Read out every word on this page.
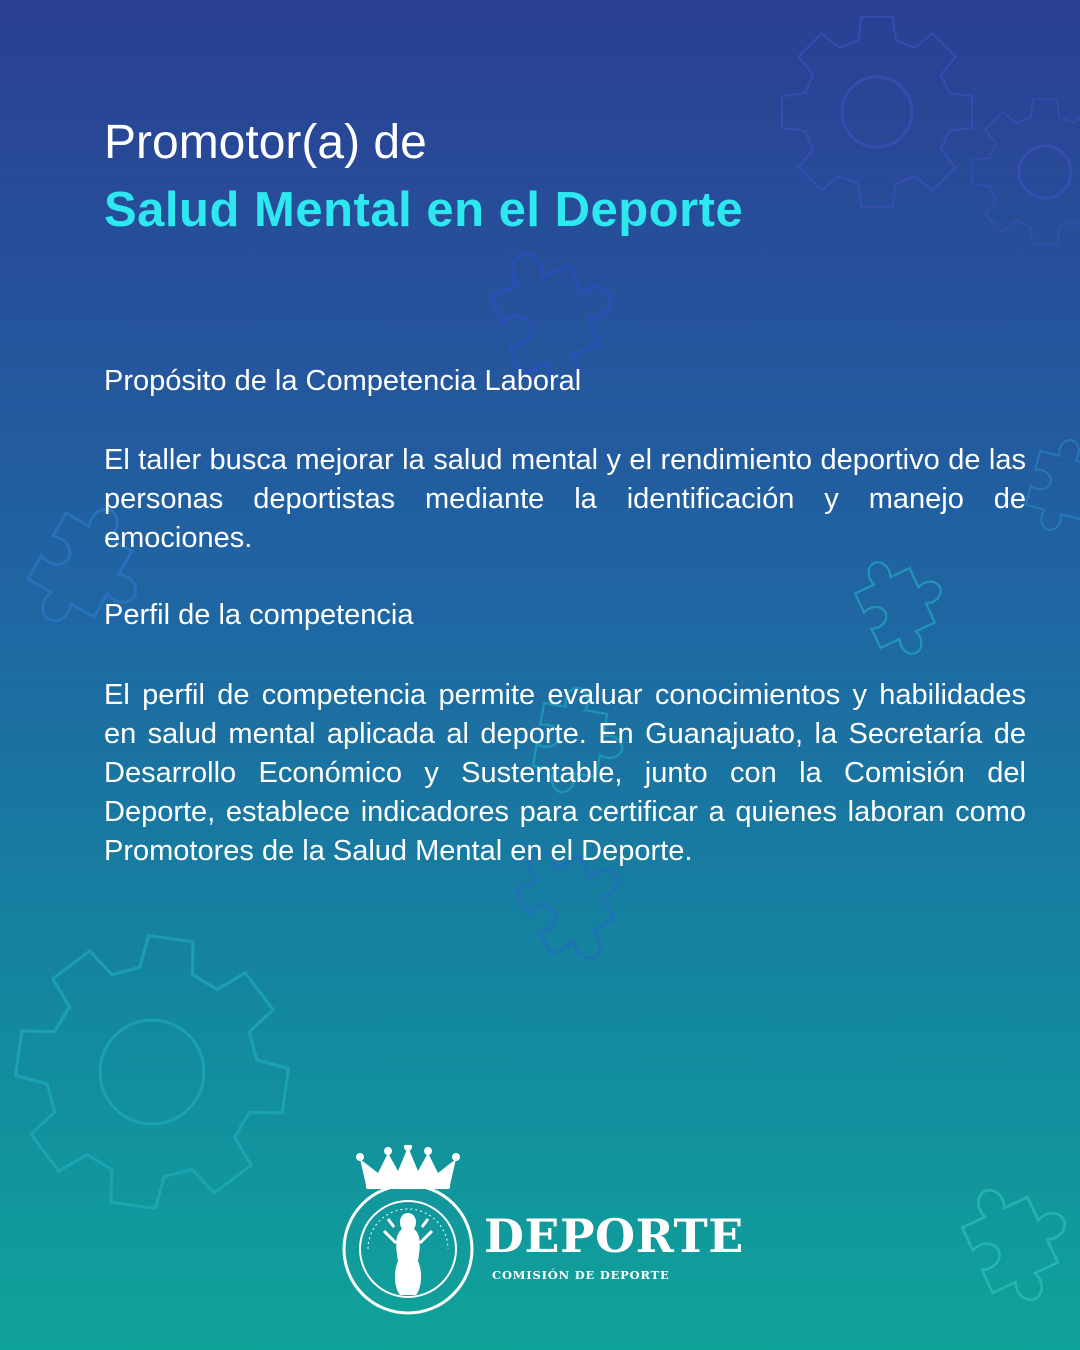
Promotor(a) de
Salud Mental en el Deporte
Propósito de la Competencia Laboral
El taller busca mejorar la salud mental y el rendimiento deportivo de las personas deportistas mediante la identificación y manejo de emociones.
Perfil de la competencia
El perfil de competencia permite evaluar conocimientos y habilidades en salud mental aplicada al deporte. En Guanajuato, la Secretaría de Desarrollo Económico y Sustentable, junto con la Comisión del Deporte, establece indicadores para certificar a quienes laboran como Promotores de la Salud Mental en el Deporte.
DEPORTE
COMISIÓN DE DEPORTE
